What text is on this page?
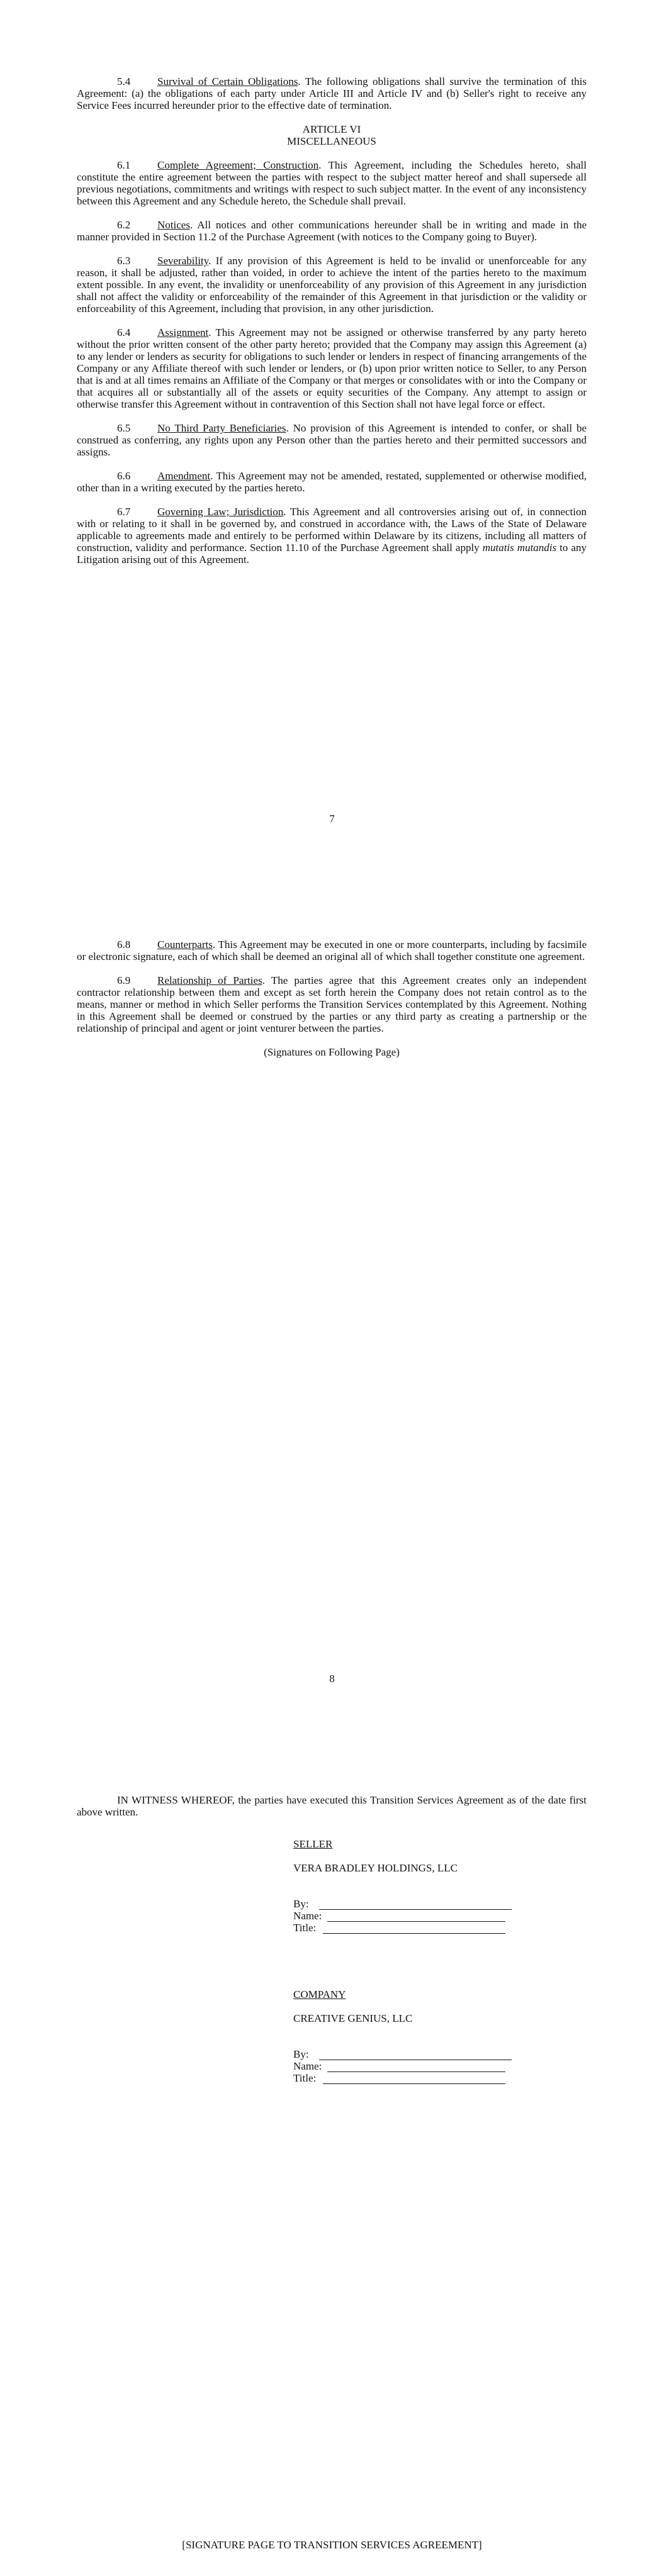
5.4	Survival of Certain Obligations. The following obligations shall survive the termination of this Agreement: (a) the obligations of each party under Article III and Article IV and (b) Seller's right to receive any Service Fees incurred hereunder prior to the effective date of termination.

ARTICLE VI

MISCELLANEOUS

6.1	Complete Agreement; Construction. This Agreement, including the Schedules hereto, shall constitute the entire agreement between the parties with respect to the subject matter hereof and shall supersede all previous negotiations, commitments and writings with respect to such subject matter. In the event of any inconsistency between this Agreement and any Schedule hereto, the Schedule shall prevail.

6.2	Notices. All notices and other communications hereunder shall be in writing and made in the manner provided in Section 11.2 of the Purchase Agreement (with notices to the Company going to Buyer).

6.3	Severability. If any provision of this Agreement is held to be invalid or unenforceable for any reason, it shall be adjusted, rather than voided, in order to achieve the intent of the parties hereto to the maximum extent possible. In any event, the invalidity or unenforceability of any provision of this Agreement in any jurisdiction shall not affect the validity or enforceability of the remainder of this Agreement in that jurisdiction or the validity or enforceability of this Agreement, including that provision, in any other jurisdiction.

6.4	Assignment. This Agreement may not be assigned or otherwise transferred by any party hereto without the prior written consent of the other party hereto; provided that the Company may assign this Agreement (a) to any lender or lenders as security for obligations to such lender or lenders in respect of financing arrangements of the Company or any Affiliate thereof with such lender or lenders, or (b) upon prior written notice to Seller, to any Person that is and at all times remains an Affiliate of the Company or that merges or consolidates with or into the Company or that acquires all or substantially all of the assets or equity securities of the Company. Any attempt to assign or otherwise transfer this Agreement without in contravention of this Section shall not have legal force or effect.

6.5	No Third Party Beneficiaries. No provision of this Agreement is intended to confer, or shall be construed as conferring, any rights upon any Person other than the parties hereto and their permitted successors and assigns.

6.6	Amendment. This Agreement may not be amended, restated, supplemented or otherwise modified, other than in a writing executed by the parties hereto.

6.7	Governing Law; Jurisdiction. This Agreement and all controversies arising out of, in connection with or relating to it shall in be governed by, and construed in accordance with, the Laws of the State of Delaware applicable to agreements made and entirely to be performed within Delaware by its citizens, including all matters of construction, validity and performance. Section 11.10 of the Purchase Agreement shall apply mutatis mutandis to any Litigation arising out of this Agreement.

7

6.8	Counterparts. This Agreement may be executed in one or more counterparts, including by facsimile or electronic signature, each of which shall be deemed an original all of which shall together constitute one agreement.

6.9	Relationship of Parties. The parties agree that this Agreement creates only an independent contractor relationship between them and except as set forth herein the Company does not retain control as to the means, manner or method in which Seller performs the Transition Services contemplated by this Agreement. Nothing in this Agreement shall be deemed or construed by the parties or any third party as creating a partnership or the relationship of principal and agent or joint venturer between the parties.

(Signatures on Following Page)

8

IN WITNESS WHEREOF, the parties have executed this Transition Services Agreement as of the date first above written.

SELLER

VERA BRADLEY HOLDINGS, LLC

By:

Name:

Title:

COMPANY

CREATIVE GENIUS, LLC

By:

Name:

Title:

[SIGNATURE PAGE TO TRANSITION SERVICES AGREEMENT]
